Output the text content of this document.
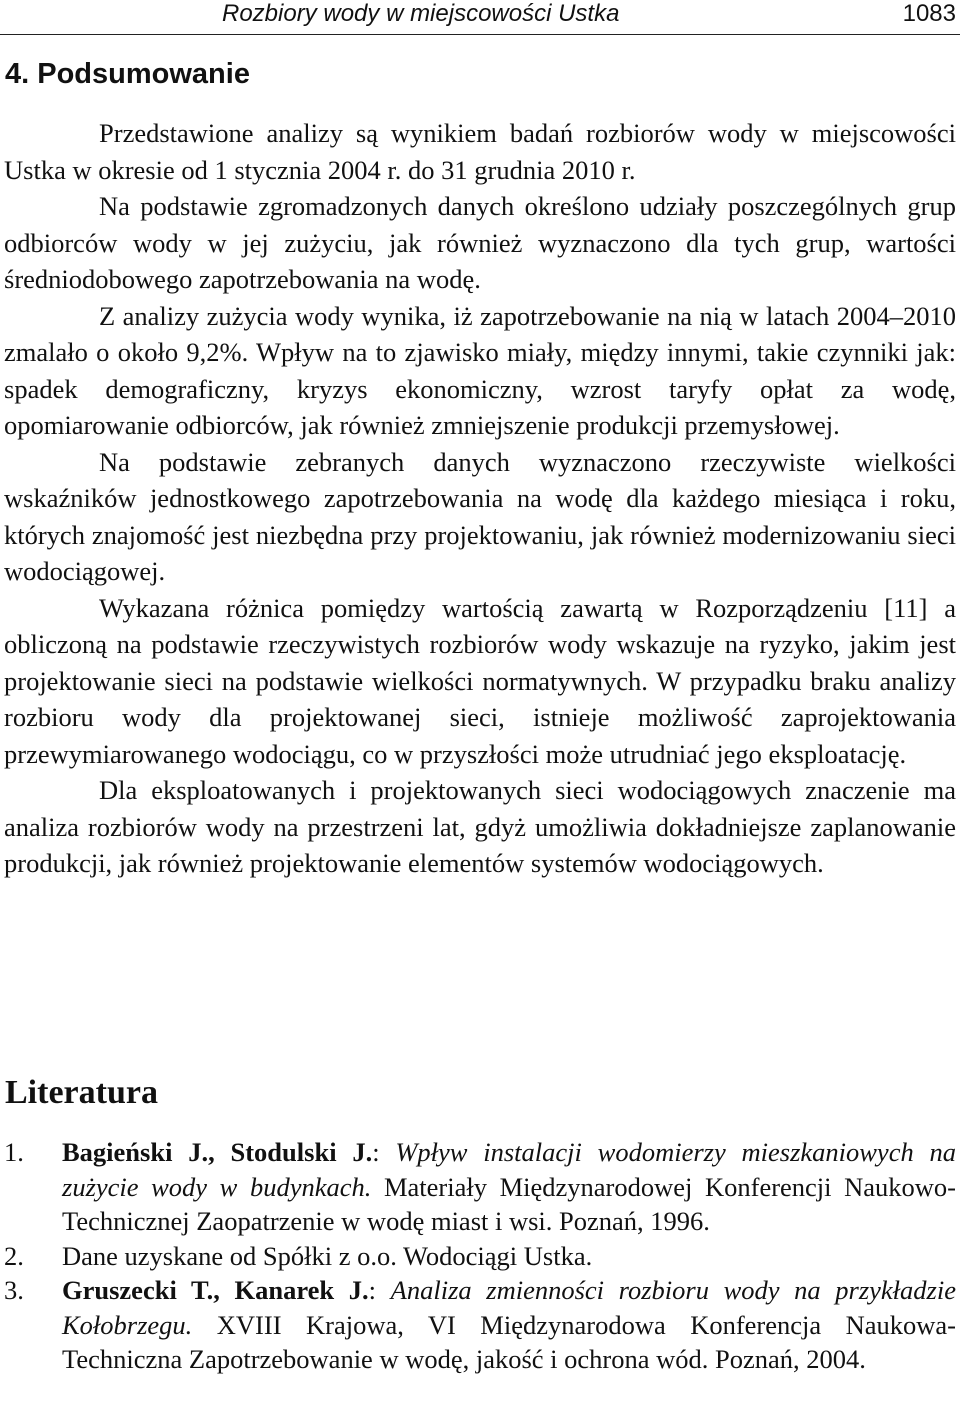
Rozbiory wody w miejscowości Ustka	1083
4. Podsumowanie

Przedstawione analizy są wynikiem badań rozbiorów wody w miejscowości Ustka w okresie od 1 stycznia 2004 r. do 31 grudnia 2010 r.

Na podstawie zgromadzonych danych określono udziały poszczególnych grup odbiorców wody w jej zużyciu, jak również wyznaczono dla tych grup, wartości średniodobowego zapotrzebowania na wodę.

Z analizy zużycia wody wynika, iż zapotrzebowanie na nią w latach 2004–2010 zmalało o około 9,2%. Wpływ na to zjawisko miały, między innymi, takie czynniki jak: spadek demograficzny, kryzys ekonomiczny, wzrost taryfy opłat za wodę, opomiarowanie odbiorców, jak również zmniejszenie produkcji przemysłowej.

Na podstawie zebranych danych wyznaczono rzeczywiste wielkości wskaźników jednostkowego zapotrzebowania na wodę dla każdego miesiąca i roku, których znajomość jest niezbędna przy projektowaniu, jak również modernizowaniu sieci wodociągowej.

Wykazana różnica pomiędzy wartością zawartą w Rozporządzeniu [11] a obliczoną na podstawie rzeczywistych rozbiorów wody wskazuje na ryzyko, jakim jest projektowanie sieci na podstawie wielkości normatywnych. W przypadku braku analizy rozbioru wody dla projektowanej sieci, istnieje możliwość zaprojektowania przewymiarowanego wodociągu, co w przyszłości może utrudniać jego eksploatację.

Dla eksploatowanych i projektowanych sieci wodociągowych znaczenie ma analiza rozbiorów wody na przestrzeni lat, gdyż umożliwia dokładniejsze zaplanowanie produkcji, jak również projektowanie elementów systemów wodociągowych.

Literatura
1. Bagieński J., Stodulski J.: Wpływ instalacji wodomierzy mieszkaniowych na zużycie wody w budynkach. Materiały Międzynarodowej Konferencji Naukowo-Technicznej Zaopatrzenie w wodę miast i wsi. Poznań, 1996.
2. Dane uzyskane od Spółki z o.o. Wodociągi Ustka.
3. Gruszecki T., Kanarek J.: Analiza zmienności rozbioru wody na przykładzie Kołobrzegu. XVIII Krajowa, VI Międzynarodowa Konferencja Naukowa-Techniczna Zapotrzebowanie w wodę, jakość i ochrona wód. Poznań, 2004.
